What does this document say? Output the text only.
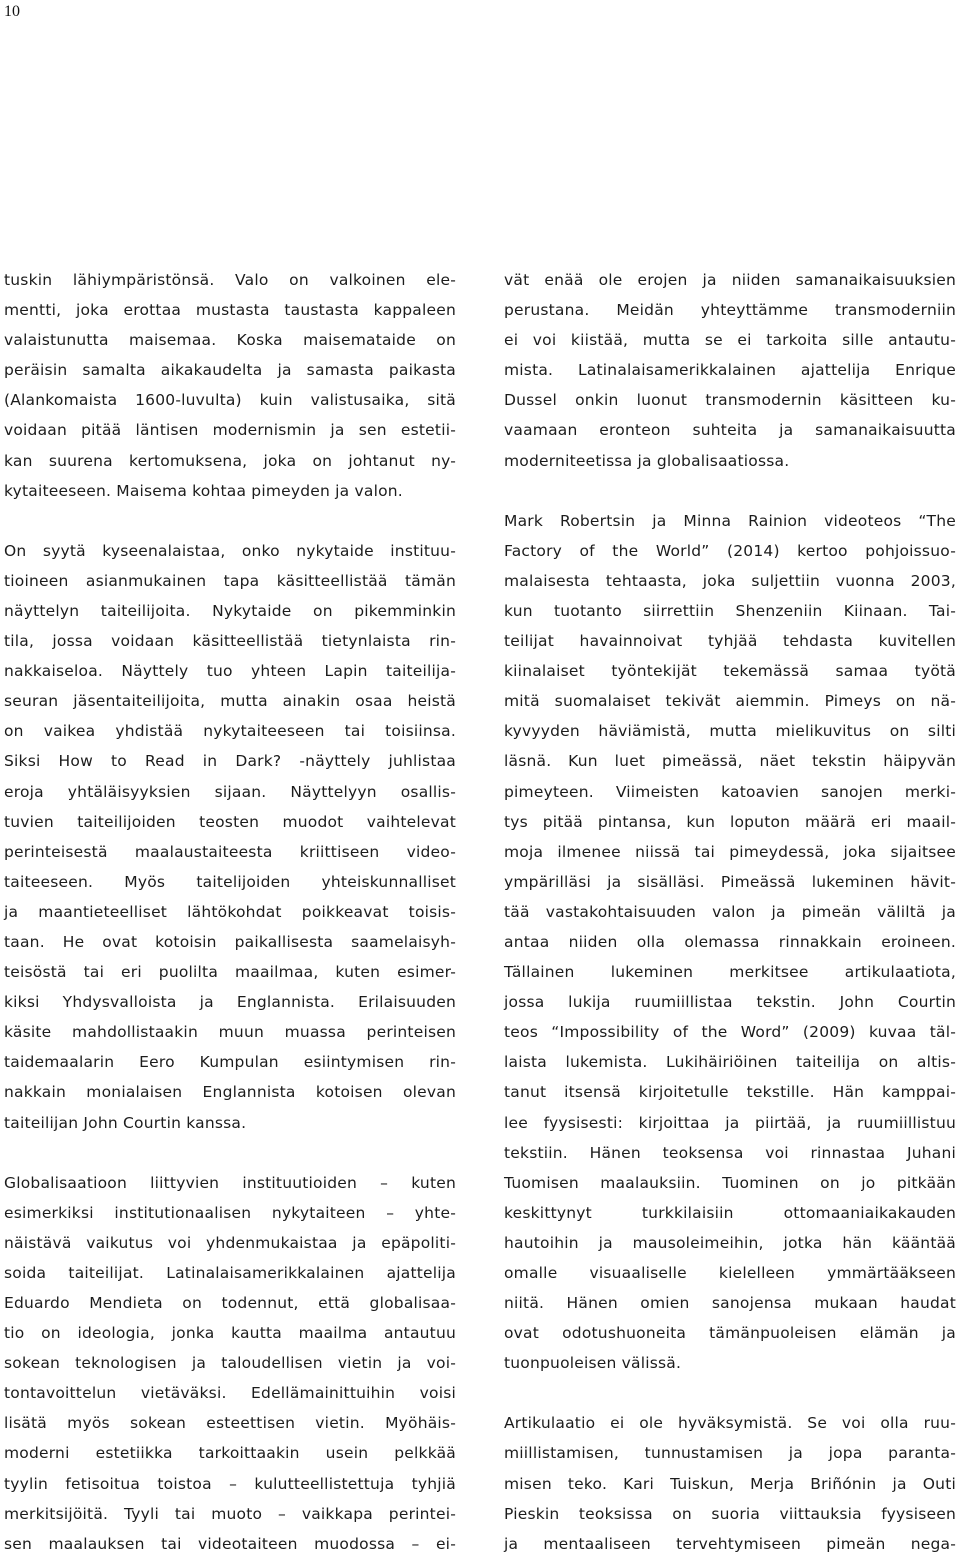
10
tuskin lähiympäristönsä. Valo on valkoinen ele-
mentti, joka erottaa mustasta taustasta kappaleen
valaistunutta maisemaa. Koska maisemataide on
peräisin samalta aikakaudelta ja samasta paikasta
(Alankomaista 1600-luvulta) kuin valistusaika, sitä
voidaan pitää läntisen modernismin ja sen estetii-
kan suurena kertomuksena, joka on johtanut ny-
kytaiteeseen. Maisema kohtaa pimeyden ja valon.
On syytä kyseenalaistaa, onko nykytaide instituu-
tioineen asianmukainen tapa käsitteellistää tämän
näyttelyn taiteilijoita. Nykytaide on pikemminkin
tila, jossa voidaan käsitteellistää tietynlaista rin-
nakkaiseloa. Näyttely tuo yhteen Lapin taiteilija-
seuran jäsentaiteilijoita, mutta ainakin osaa heistä
on vaikea yhdistää nykytaiteeseen tai toisiinsa.
Siksi How to Read in Dark? -näyttely juhlistaa
eroja yhtäläisyyksien sijaan. Näyttelyyn osallis-
tuvien taiteilijoiden teosten muodot vaihtelevat
perinteisestä maalaustaiteesta kriittiseen video-
taiteeseen. Myös taitelijoiden yhteiskunnalliset
ja maantieteelliset lähtökohdat poikkeavat toisis-
taan. He ovat kotoisin paikallisesta saamelaisyh-
teisöstä tai eri puolilta maailmaa, kuten esimer-
kiksi Yhdysvalloista ja Englannista. Erilaisuuden
käsite mahdollistaakin muun muassa perinteisen
taidemaalarin Eero Kumpulan esiintymisen rin-
nakkain monialaisen Englannista kotoisen olevan
taiteilijan John Courtin kanssa.
Globalisaatioon liittyvien instituutioiden – kuten
esimerkiksi institutionaalisen nykytaiteen – yhte-
näistävä vaikutus voi yhdenmukaistaa ja epäpoliti-
soida taiteilijat. Latinalaisamerikkalainen ajattelija
Eduardo Mendieta on todennut, että globalisaa-
tio on ideologia, jonka kautta maailma antautuu
sokean teknologisen ja taloudellisen vietin ja voi-
tontavoittelun vietäväksi. Edellämainittuihin voisi
lisätä myös sokean esteettisen vietin. Myöhäis-
moderni estetiikka tarkoittaakin usein pelkkää
tyylin fetisoitua toistoa – kulutteellistettuja tyhjiä
merkitsijöitä. Tyyli tai muoto – vaikkapa perintei-
sen maalauksen tai videotaiteen muodossa – ei-
vät enää ole erojen ja niiden samanaikaisuuksien
perustana. Meidän yhteyttämme transmoderniin
ei voi kiistää, mutta se ei tarkoita sille antautu-
mista. Latinalaisamerikkalainen ajattelija Enrique
Dussel onkin luonut transmodernin käsitteen ku-
vaamaan eronteon suhteita ja samanaikaisuutta
moderniteetissa ja globalisaatiossa.
Mark Robertsin ja Minna Rainion videoteos “The
Factory of the World” (2014) kertoo pohjoissuo-
malaisesta tehtaasta, joka suljettiin vuonna 2003,
kun tuotanto siirrettiin Shenzeniin Kiinaan. Tai-
teilijat havainnoivat tyhjää tehdasta kuvitellen
kiinalaiset työntekijät tekemässä samaa työtä
mitä suomalaiset tekivät aiemmin. Pimeys on nä-
kyvyyden häviämistä, mutta mielikuvitus on silti
läsnä. Kun luet pimeässä, näet tekstin häipyvän
pimeyteen. Viimeisten katoavien sanojen merki-
tys pitää pintansa, kun loputon määrä eri maail-
moja ilmenee niissä tai pimeydessä, joka sijaitsee
ympärilläsi ja sisälläsi. Pimeässä lukeminen hävit-
tää vastakohtaisuuden valon ja pimeän väliltä ja
antaa niiden olla olemassa rinnakkain eroineen.
Tällainen lukeminen merkitsee artikulaatiota,
jossa lukija ruumiillistaa tekstin. John Courtin
teos “Impossibility of the Word” (2009) kuvaa täl-
laista lukemista. Lukihäiriöinen taiteilija on altis-
tanut itsensä kirjoitetulle tekstille. Hän kamppai-
lee fyysisesti: kirjoittaa ja piirtää, ja ruumiillistuu
tekstiin. Hänen teoksensa voi rinnastaa Juhani
Tuomisen maalauksiin. Tuominen on jo pitkään
keskittynyt turkkilaisiin ottomaaniaikakauden
hautoihin ja mausoleimeihin, jotka hän kääntää
omalle visuaaliselle kielelleen ymmärtääkseen
niitä. Hänen omien sanojensa mukaan haudat
ovat odotushuoneita tämänpuoleisen elämän ja
tuonpuoleisen välissä.
Artikulaatio ei ole hyväksymistä. Se voi olla ruu-
miillistamisen, tunnustamisen ja jopa paranta-
misen teko. Kari Tuiskun, Merja Briñónin ja Outi
Pieskin teoksissa on suoria viittauksia fyysiseen
ja mentaaliseen tervehtymiseen pimeän nega-
